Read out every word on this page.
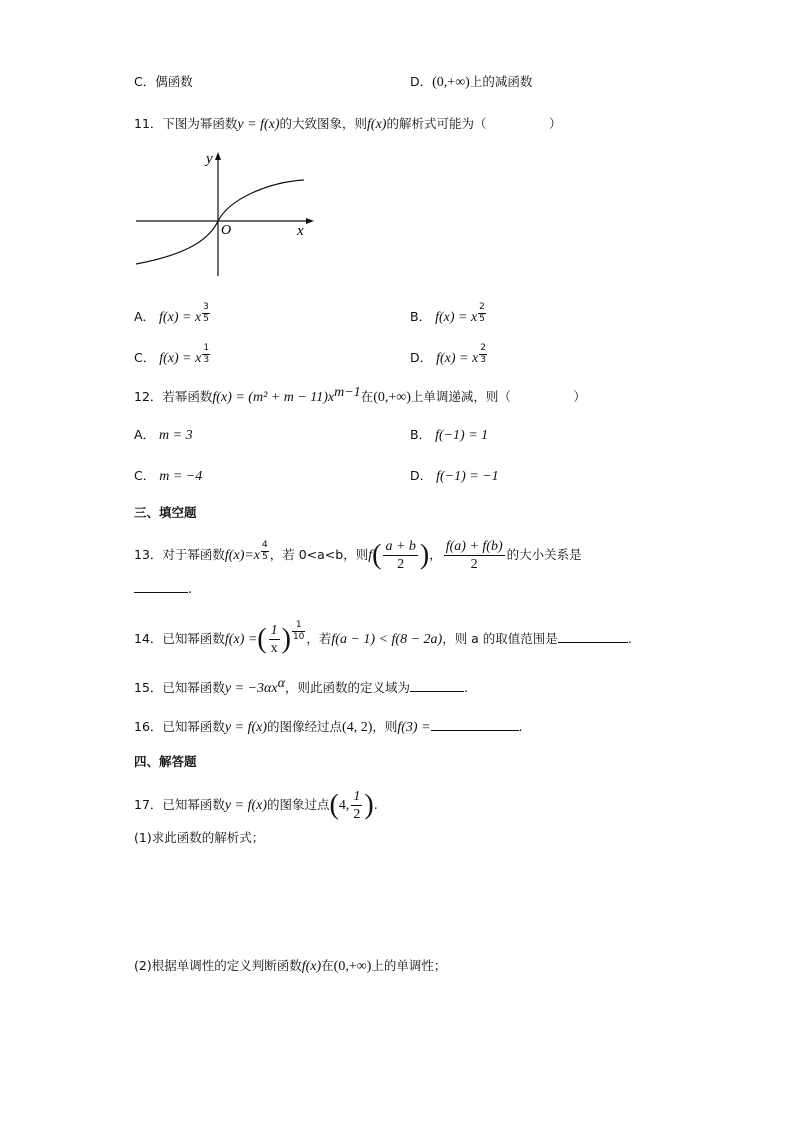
C．偶函数	D．(0,+∞)上的减函数
11．下图为幂函数y = f(x)的大致图象，则f(x)的解析式可能为（　　　　　）
y
x
O
A． f(x) = x $\frac{3}{5}$	B． f(x) = x $\frac{2}{5}$
C． f(x) = x $\frac{1}{3}$	D． f(x) = x $\frac{2}{3}$
12．若幂函数$f(x) = (m^2 + m - 11)x^{m-1}$在(0,+∞)上单调递减，则（　　　　　）
A． m = 3	B． f(−1) = 1
C． m = −4	D． f(−1) = −1
三、填空题
13．对于幂函数$f(x)=x \frac{4}{5}$ ，若 0<a<b，则$f( \frac{a + b}{2}$ )， $\frac{f(a) + f(b)}{2}$ 的大小关系是
.
14．已知幂函数f(x) =( $\frac{1}{x}$ ) $\frac{1}{10}$ ，若f(a − 1) < f(8 − 2a)，则 a 的取值范围是	.
15．已知幂函数$y = -3\alpha x^\alpha$，则此函数的定义域为	.
16．已知幂函数y = f(x)的图像经过点(4, 2)，则f(3) =	.
四、解答题
17．已知幂函数y = f(x)的图象过点(4, $\frac{1}{2}$ ).
(1)求此函数的解析式；
(2)根据单调性的定义判断函数f(x)在(0,+∞)上的单调性；
